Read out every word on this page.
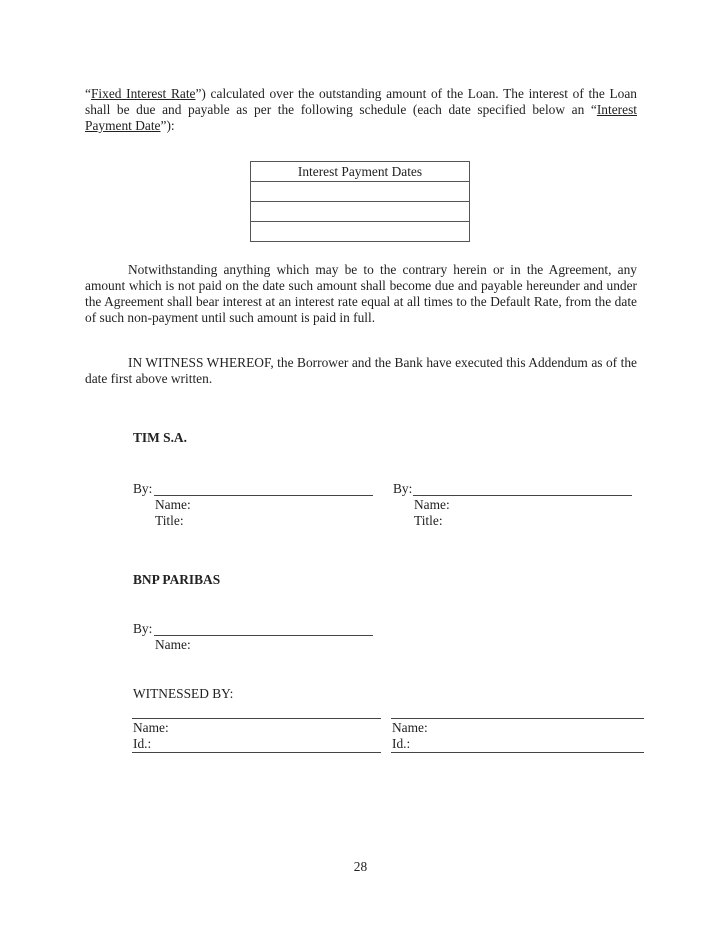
“Fixed Interest Rate”) calculated over the outstanding amount of the Loan. The interest of the Loan shall be due and payable as per the following schedule (each date specified below an “Interest Payment Date”):

Interest Payment Dates

Notwithstanding anything which may be to the contrary herein or in the Agreement, any amount which is not paid on the date such amount shall become due and payable hereunder and under the Agreement shall bear interest at an interest rate equal at all times to the Default Rate, from the date of such non-payment until such amount is paid in full.

IN WITNESS WHEREOF, the Borrower and the Bank have executed this Addendum as of the date first above written.

TIM S.A.
By:
Name:
Title:
By:
Name:
Title:
BNP PARIBAS
By:
Name:
WITNESSED BY:
Name:
Id.:
Name:
Id.:
28
